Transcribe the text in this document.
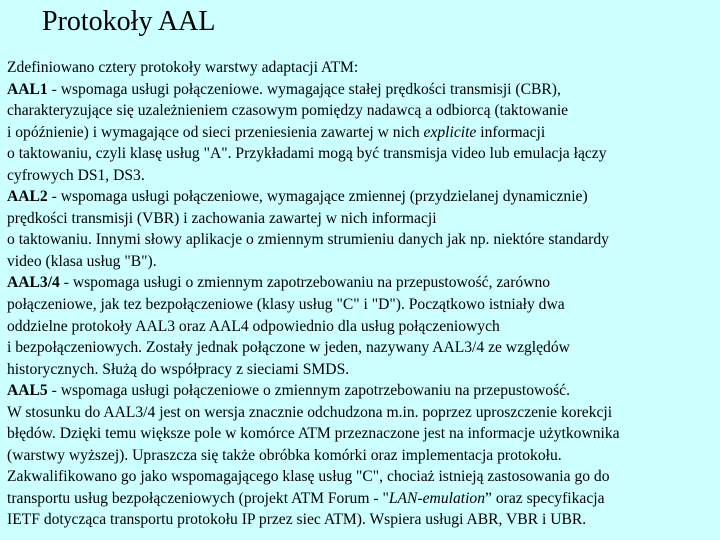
Protokoły AAL
Zdefiniowano cztery protokoły warstwy adaptacji ATM:
AAL1 - wspomaga usługi połączeniowe. wymagające stałej prędkości transmisji (CBR),
charakteryzujące się uzależnieniem czasowym pomiędzy nadawcą a odbiorcą (taktowanie
i opóźnienie) i wymagające od sieci przeniesienia zawartej w nich explicite informacji
o taktowaniu, czyli klasę usług "A". Przykładami mogą być transmisja video lub emulacja łączy
cyfrowych DS1, DS3.
AAL2 - wspomaga usługi połączeniowe, wymagające zmiennej (przydzielanej dynamicznie)
prędkości transmisji (VBR) i zachowania zawartej w nich informacji
o taktowaniu. Innymi słowy aplikacje o zmiennym strumieniu danych jak np. niektóre standardy
video (klasa usług "B").
AAL3/4 - wspomaga usługi o zmiennym zapotrzebowaniu na przepustowość, zarówno
połączeniowe, jak tez bezpołączeniowe (klasy usług "C" i "D"). Początkowo istniały dwa
oddzielne protokoły AAL3 oraz AAL4 odpowiednio dla usług połączeniowych
i bezpołączeniowych. Zostały jednak połączone w jeden, nazywany AAL3/4 ze względów
historycznych. Służą do współpracy z sieciami SMDS.
AAL5 - wspomaga usługi połączeniowe o zmiennym zapotrzebowaniu na przepustowość.
W stosunku do AAL3/4 jest on wersja znacznie odchudzona m.in. poprzez uproszczenie korekcji
błędów. Dzięki temu większe pole w komórce ATM przeznaczone jest na informacje użytkownika
(warstwy wyższej). Upraszcza się także obróbka komórki oraz implementacja protokołu.
Zakwalifikowano go jako wspomagającego klasę usług "C", chociaż istnieją zastosowania go do
transportu usług bezpołączeniowych (projekt ATM Forum - "LAN-emulation” oraz specyfikacja
IETF dotycząca transportu protokołu IP przez siec ATM). Wspiera usługi ABR, VBR i UBR.
